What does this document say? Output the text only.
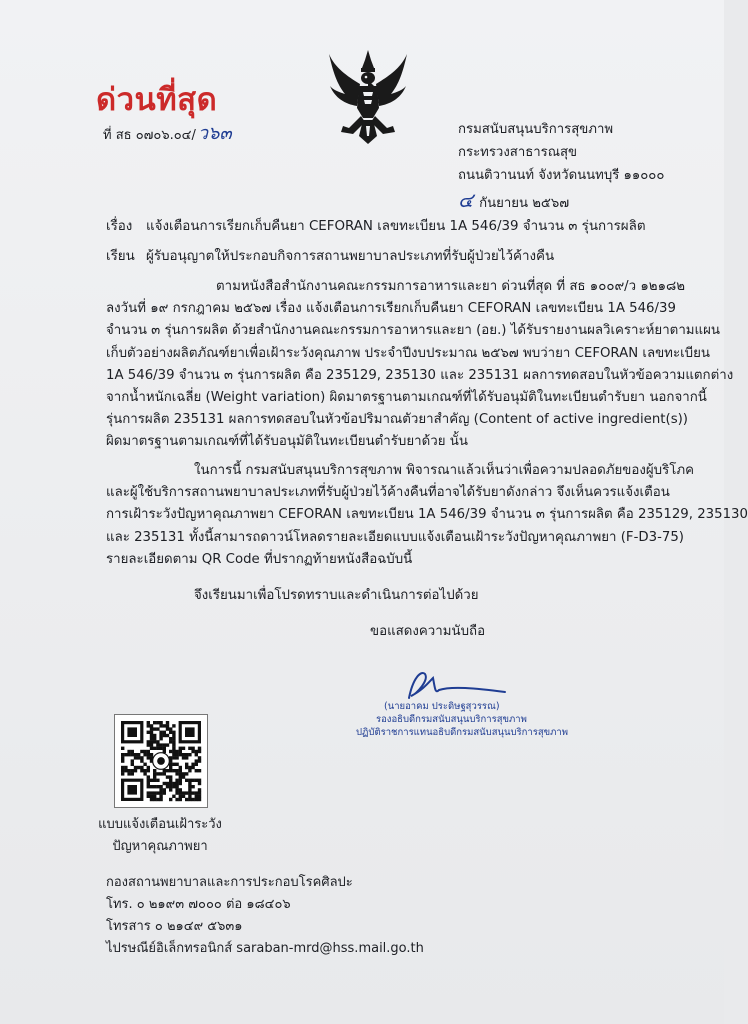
ด่วนที่สุด
ที่ สธ ๐๗๐๖.๐๔/ ว๖๓	กรมสนับสนุนบริการสุขภาพ
กระทรวงสาธารณสุข
ถนนติวานนท์ จังหวัดนนทบุรี ๑๑๐๐๐
๔ กันยายน ๒๕๖๗
เรื่อง แจ้งเตือนการเรียกเก็บคืนยา CEFORAN เลขทะเบียน 1A 546/39 จำนวน ๓ รุ่นการผลิต
เรียน ผู้รับอนุญาตให้ประกอบกิจการสถานพยาบาลประเภทที่รับผู้ป่วยไว้ค้างคืน
ตามหนังสือสำนักงานคณะกรรมการอาหารและยา ด่วนที่สุด ที่ สธ ๑๐๐๙/ว ๑๒๑๘๒
ลงวันที่ ๑๙ กรกฎาคม ๒๕๖๗ เรื่อง แจ้งเตือนการเรียกเก็บคืนยา CEFORAN เลขทะเบียน 1A 546/39
จำนวน ๓ รุ่นการผลิต ด้วยสำนักงานคณะกรรมการอาหารและยา (อย.) ได้รับรายงานผลวิเคราะห์ยาตามแผน
เก็บตัวอย่างผลิตภัณฑ์ยาเพื่อเฝ้าระวังคุณภาพ ประจำปีงบประมาณ ๒๕๖๗ พบว่ายา CEFORAN เลขทะเบียน
1A 546/39 จำนวน ๓ รุ่นการผลิต คือ 235129, 235130 และ 235131 ผลการทดสอบในหัวข้อความแตกต่าง
จากน้ำหนักเฉลี่ย (Weight variation) ผิดมาตรฐานตามเกณฑ์ที่ได้รับอนุมัติในทะเบียนตำรับยา นอกจากนี้
รุ่นการผลิต 235131 ผลการทดสอบในหัวข้อปริมาณตัวยาสำคัญ (Content of active ingredient(s))
ผิดมาตรฐานตามเกณฑ์ที่ได้รับอนุมัติในทะเบียนตำรับยาด้วย นั้น
ในการนี้ กรมสนับสนุนบริการสุขภาพ พิจารณาแล้วเห็นว่าเพื่อความปลอดภัยของผู้บริโภค
และผู้ใช้บริการสถานพยาบาลประเภทที่รับผู้ป่วยไว้ค้างคืนที่อาจได้รับยาดังกล่าว จึงเห็นควรแจ้งเตือน
การเฝ้าระวังปัญหาคุณภาพยา CEFORAN เลขทะเบียน 1A 546/39 จำนวน ๓ รุ่นการผลิต คือ 235129, 235130
และ 235131 ทั้งนี้สามารถดาวน์โหลดรายละเอียดแบบแจ้งเตือนเฝ้าระวังปัญหาคุณภาพยา (F-D3-75)
รายละเอียดตาม QR Code ที่ปรากฏท้ายหนังสือฉบับนี้
จึงเรียนมาเพื่อโปรดทราบและดำเนินการต่อไปด้วย
ขอแสดงความนับถือ
(นายอาคม ประดิษฐสุวรรณ)
รองอธิบดีกรมสนับสนุนบริการสุขภาพ
ปฏิบัติราชการแทนอธิบดีกรมสนับสนุนบริการสุขภาพ
แบบแจ้งเตือนเฝ้าระวัง
ปัญหาคุณภาพยา
กองสถานพยาบาลและการประกอบโรคศิลปะ
โทร. ๐ ๒๑๙๓ ๗๐๐๐ ต่อ ๑๘๔๐๖
โทรสาร ๐ ๒๑๔๙ ๕๖๓๑
ไปรษณีย์อิเล็กทรอนิกส์ saraban-mrd@hss.mail.go.th
